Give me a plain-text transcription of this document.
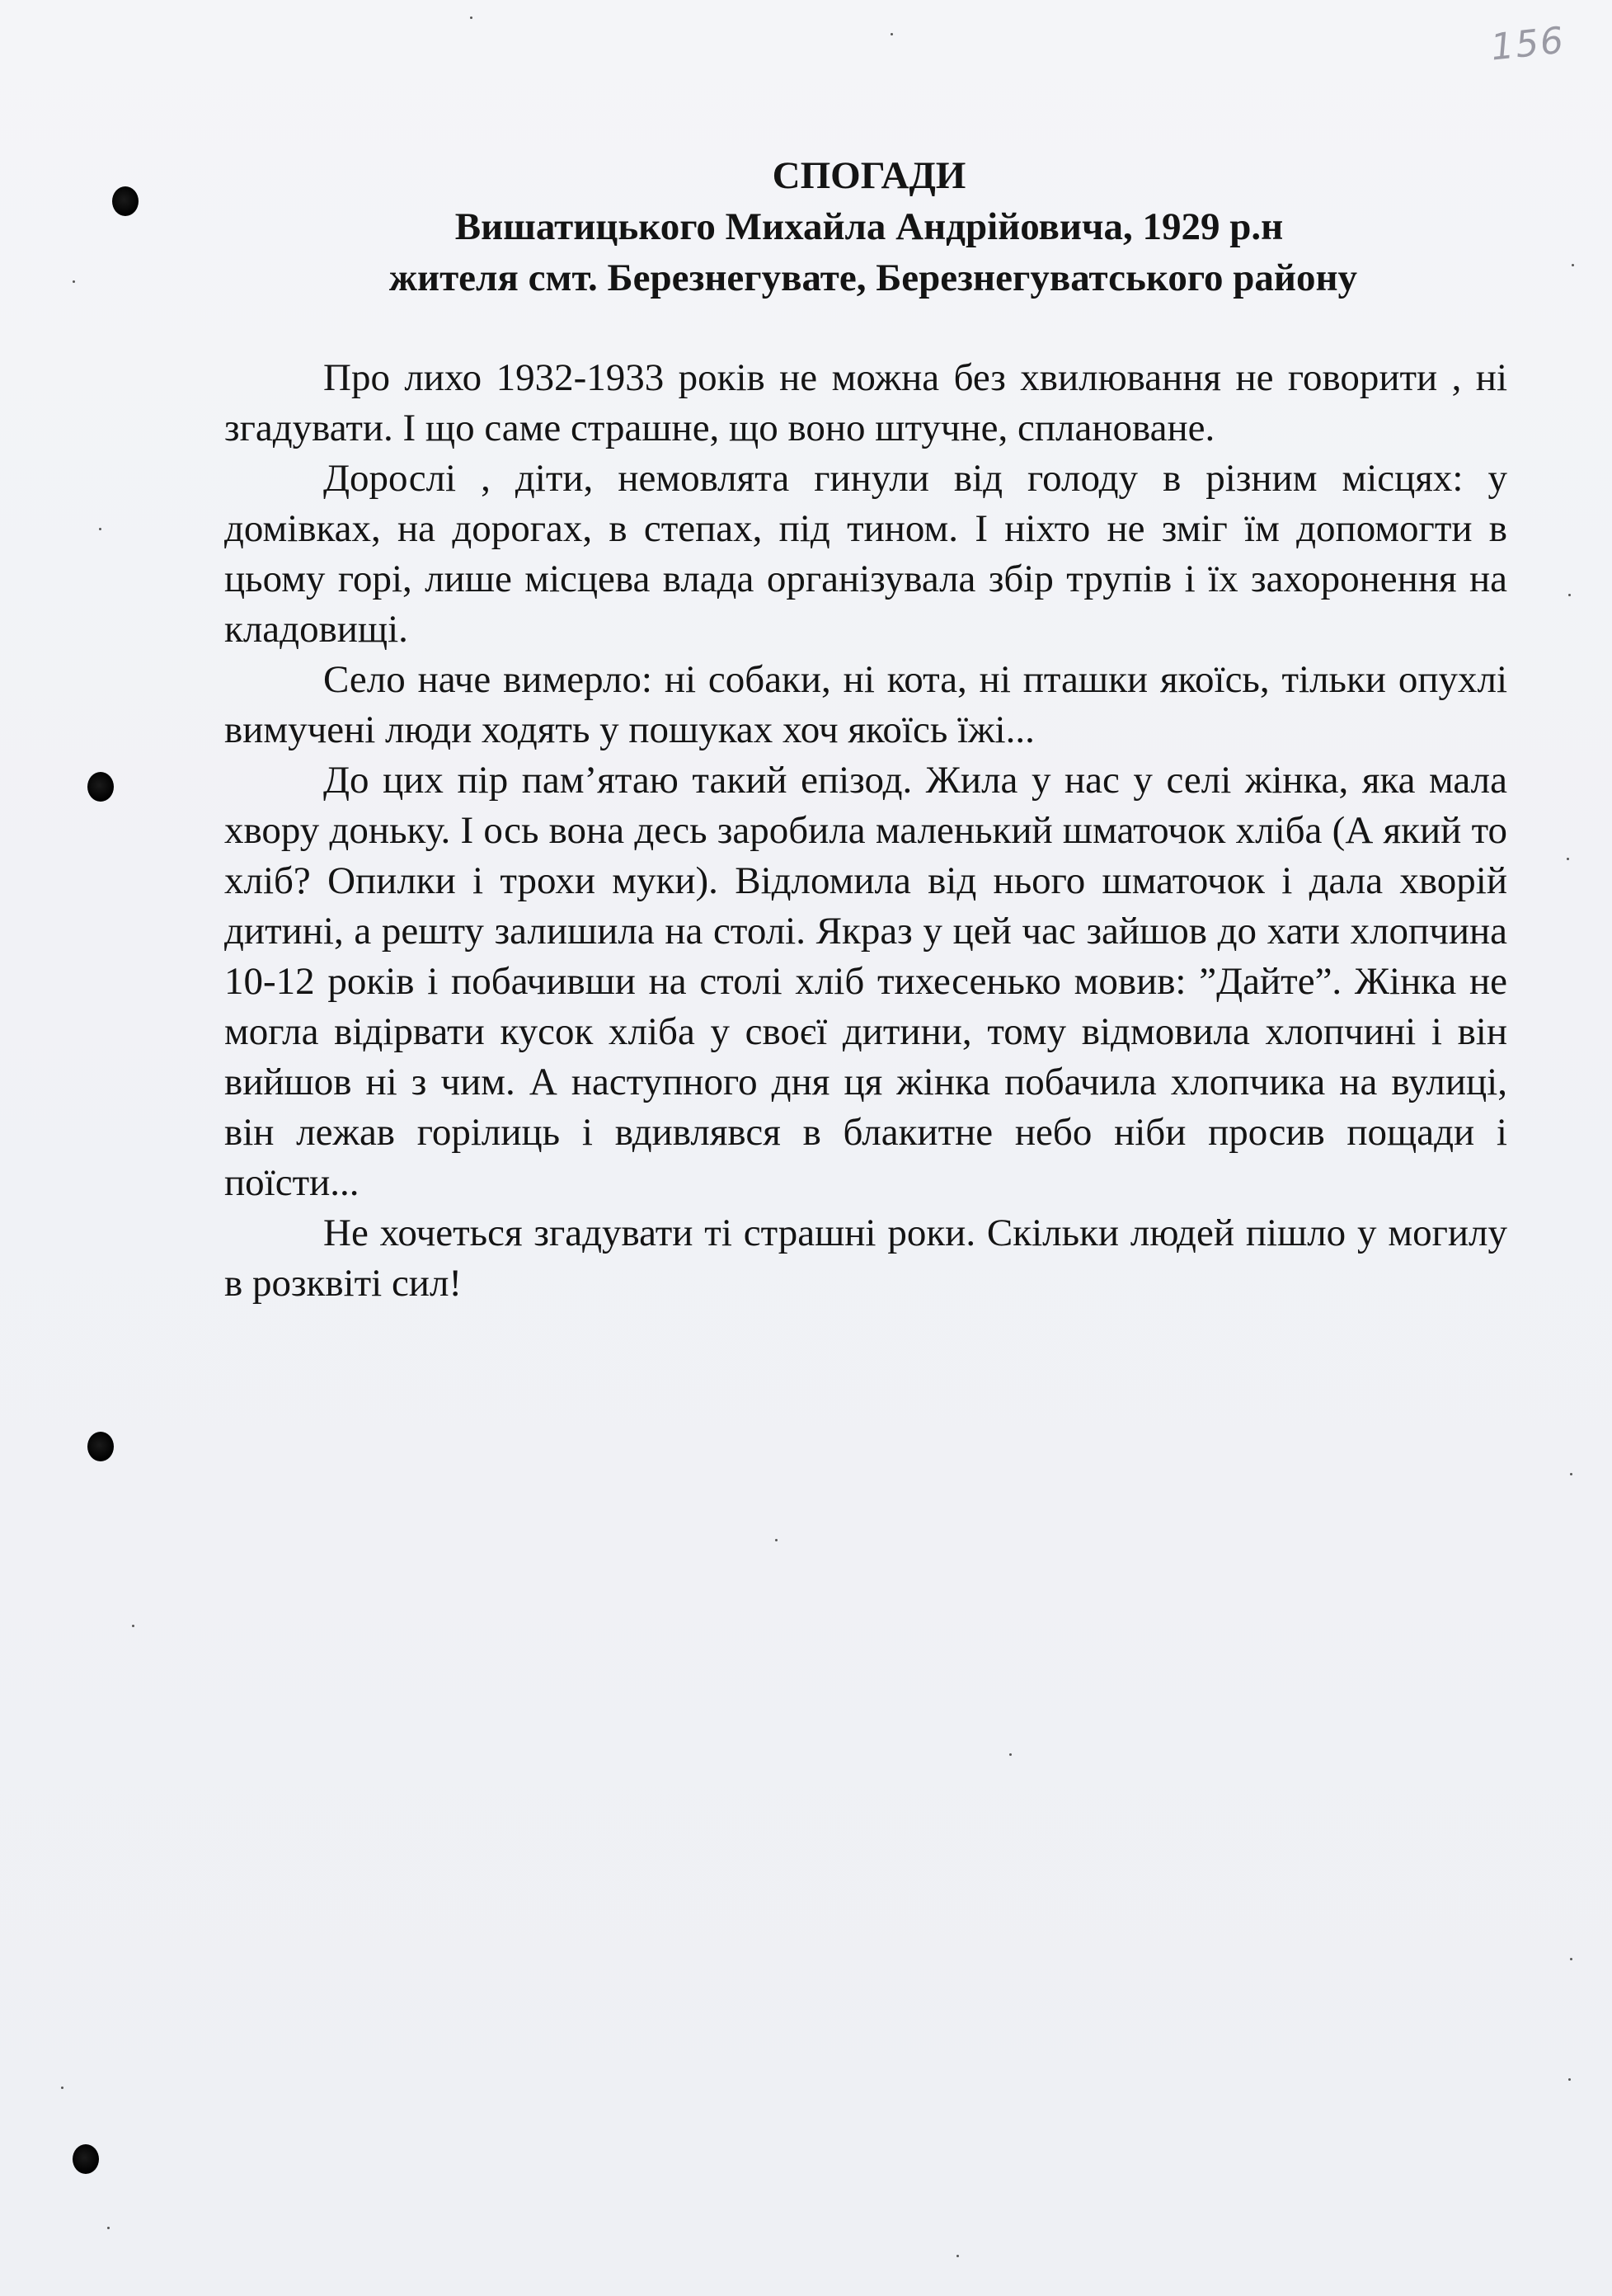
156
СПОГАДИ
Вишатицького Михайла Андрійовича, 1929 р.н
жителя смт. Березнегувате, Березнегуватського району

Про лихо 1932-1933 років не можна без хвилювання не говорити , ні згадувати. І що саме страшне, що воно штучне, сплановане.

Дорослі , діти, немовлята гинули від голоду в різним місцях: у домівках, на дорогах, в степах, під тином. І ніхто не зміг їм допомогти в цьому горі, лише місцева влада організувала збір трупів і їх захоронення на кладовищі.

Село наче вимерло: ні собаки, ні кота, ні пташки якоїсь, тільки опухлі вимучені люди ходять у пошуках хоч якоїсь їжі...

До цих пір пам’ятаю такий епізод. Жила у нас у селі жінка, яка мала хвору доньку. І ось вона десь заробила маленький шматочок хліба (А який то хліб? Опилки і трохи муки). Відломила від нього шматочок і дала хворій дитині, а решту залишила на столі. Якраз у цей час зайшов до хати хлопчина 10-12 років і побачивши на столі хліб тихесенько мовив: ”Дайте”. Жінка не могла відірвати кусок хліба у своєї дитини, тому відмовила хлопчині і він вийшов ні з чим. А наступного дня ця жінка побачила хлопчика на вулиці, він лежав горілиць і вдивлявся в блакитне небо ніби просив пощади і поїсти...

Не хочеться згадувати ті страшні роки. Скільки людей пішло у могилу в розквіті сил!
